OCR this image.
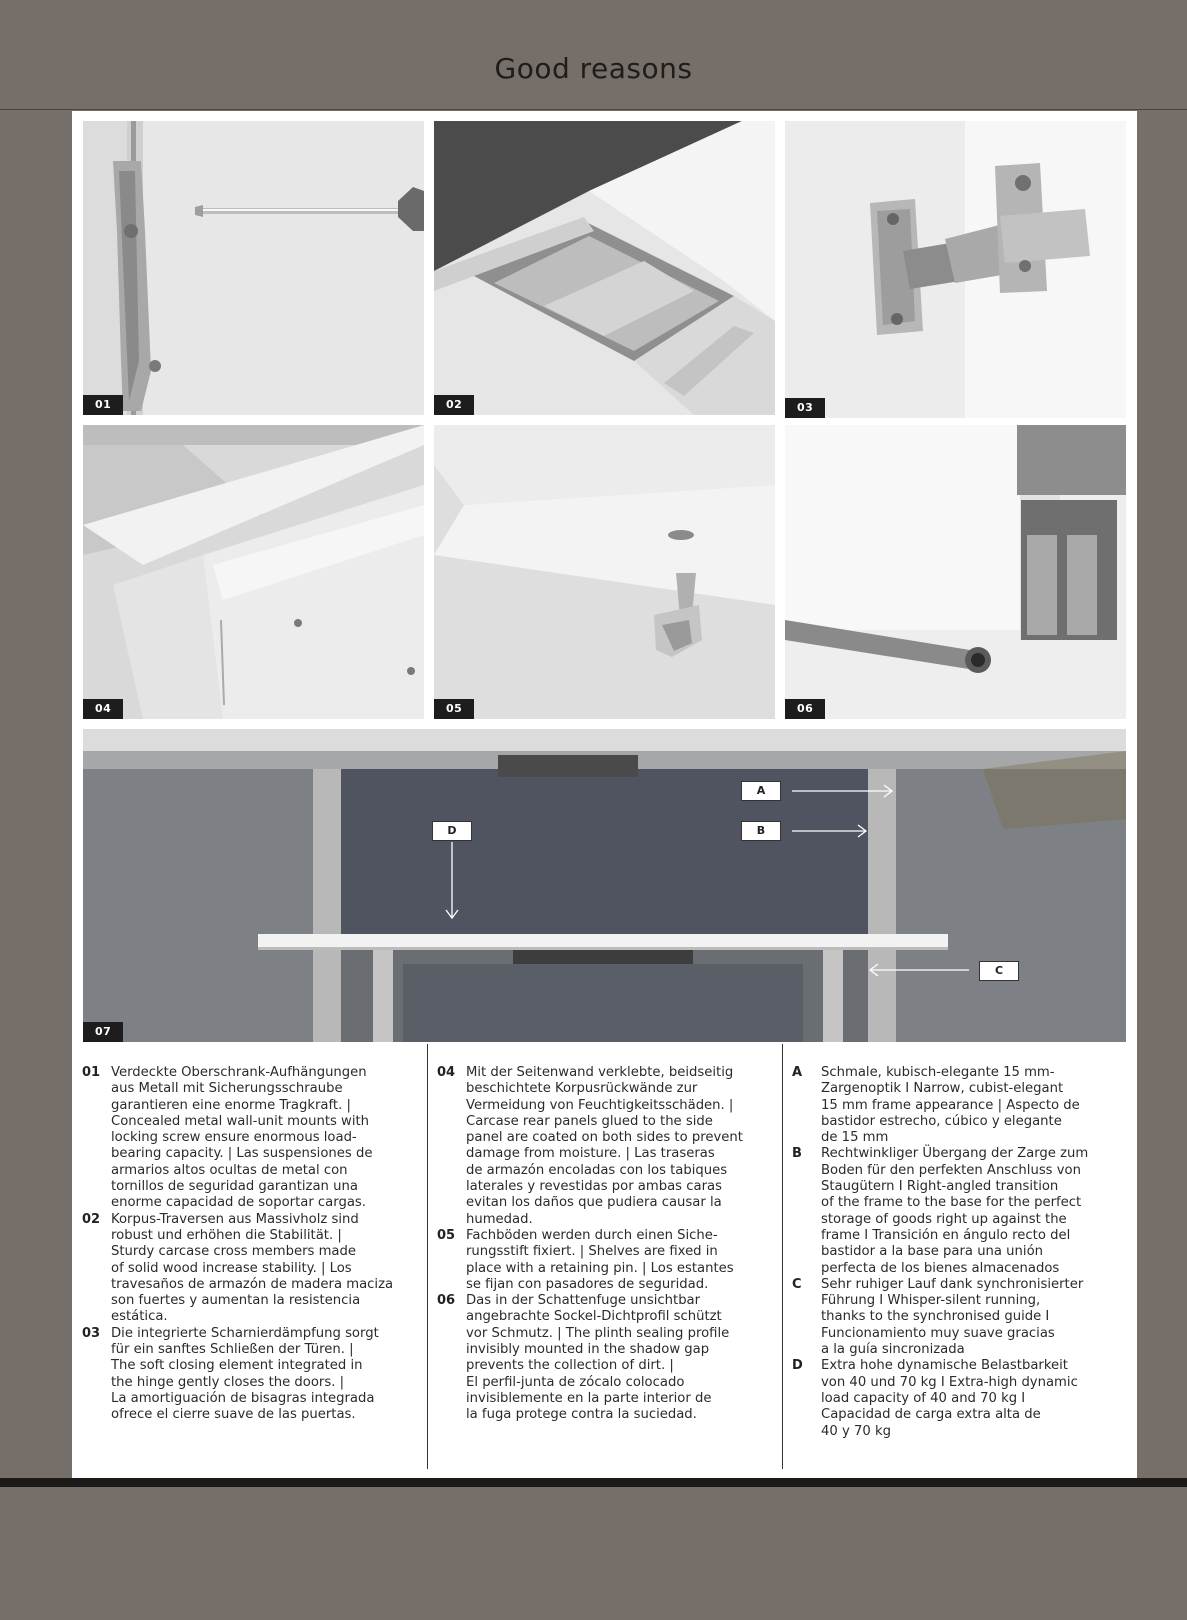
Good reasons
01	02	03
04	05	06
07
A
B
C
D
01 Verdeckte Oberschrank-Aufhängungen
aus Metall mit Sicherungsschraube
garantieren eine enorme Tragkraft. |
Concealed metal wall-unit mounts with
locking screw ensure enormous load-
bearing capacity. | Las suspensiones de
armarios altos ocultas de metal con
tornillos de seguridad garantizan una
enorme capacidad de soportar cargas.
02 Korpus-Traversen aus Massivholz sind
robust und erhöhen die Stabilität. |
Sturdy carcase cross members made
of solid wood increase stability. | Los
travesaños de armazón de madera maciza
son fuertes y aumentan la resistencia
estática.
03 Die integrierte Scharnierdämpfung sorgt
für ein sanftes Schließen der Türen. |
The soft closing element integrated in
the hinge gently closes the doors. |
La amortiguación de bisagras integrada
ofrece el cierre suave de las puertas.
04 Mit der Seitenwand verklebte, beidseitig
beschichtete Korpusrückwände zur
Vermeidung von Feuchtigkeitsschäden. |
Carcase rear panels glued to the side
panel are coated on both sides to prevent
damage from moisture. | Las traseras
de armazón encoladas con los tabiques
laterales y revestidas por ambas caras
evitan los daños que pudiera causar la
humedad.
05 Fachböden werden durch einen Siche-
rungsstift fixiert. | Shelves are fixed in
place with a retaining pin. | Los estantes
se fijan con pasadores de seguridad.
06 Das in der Schattenfuge unsichtbar
angebrachte Sockel-Dichtprofil schützt
vor Schmutz. | The plinth sealing profile
invisibly mounted in the shadow gap
prevents the collection of dirt. |
El perfil-junta de zócalo colocado
invisiblemente en la parte interior de
la fuga protege contra la suciedad.
A	Schmale, kubisch-elegante 15 mm-
Zargenoptik I Narrow, cubist-elegant
15 mm frame appearance | Aspecto de
bastidor estrecho, cúbico y elegante
de 15 mm
B	Rechtwinkliger Übergang der Zarge zum
Boden für den perfekten Anschluss von
Staugütern I Right-angled transition
of the frame to the base for the perfect
storage of goods right up against the
frame I Transición en ángulo recto del
bastidor a la base para una unión
perfecta de los bienes almacenados
C	Sehr ruhiger Lauf dank synchronisierter
Führung I Whisper-silent running,
thanks to the synchronised guide I
Funcionamiento muy suave gracias
a la guía sincronizada
D	Extra hohe dynamische Belastbarkeit
von 40 und 70 kg I Extra-high dynamic
load capacity of 40 and 70 kg I
Capacidad de carga extra alta de
40 y 70 kg
